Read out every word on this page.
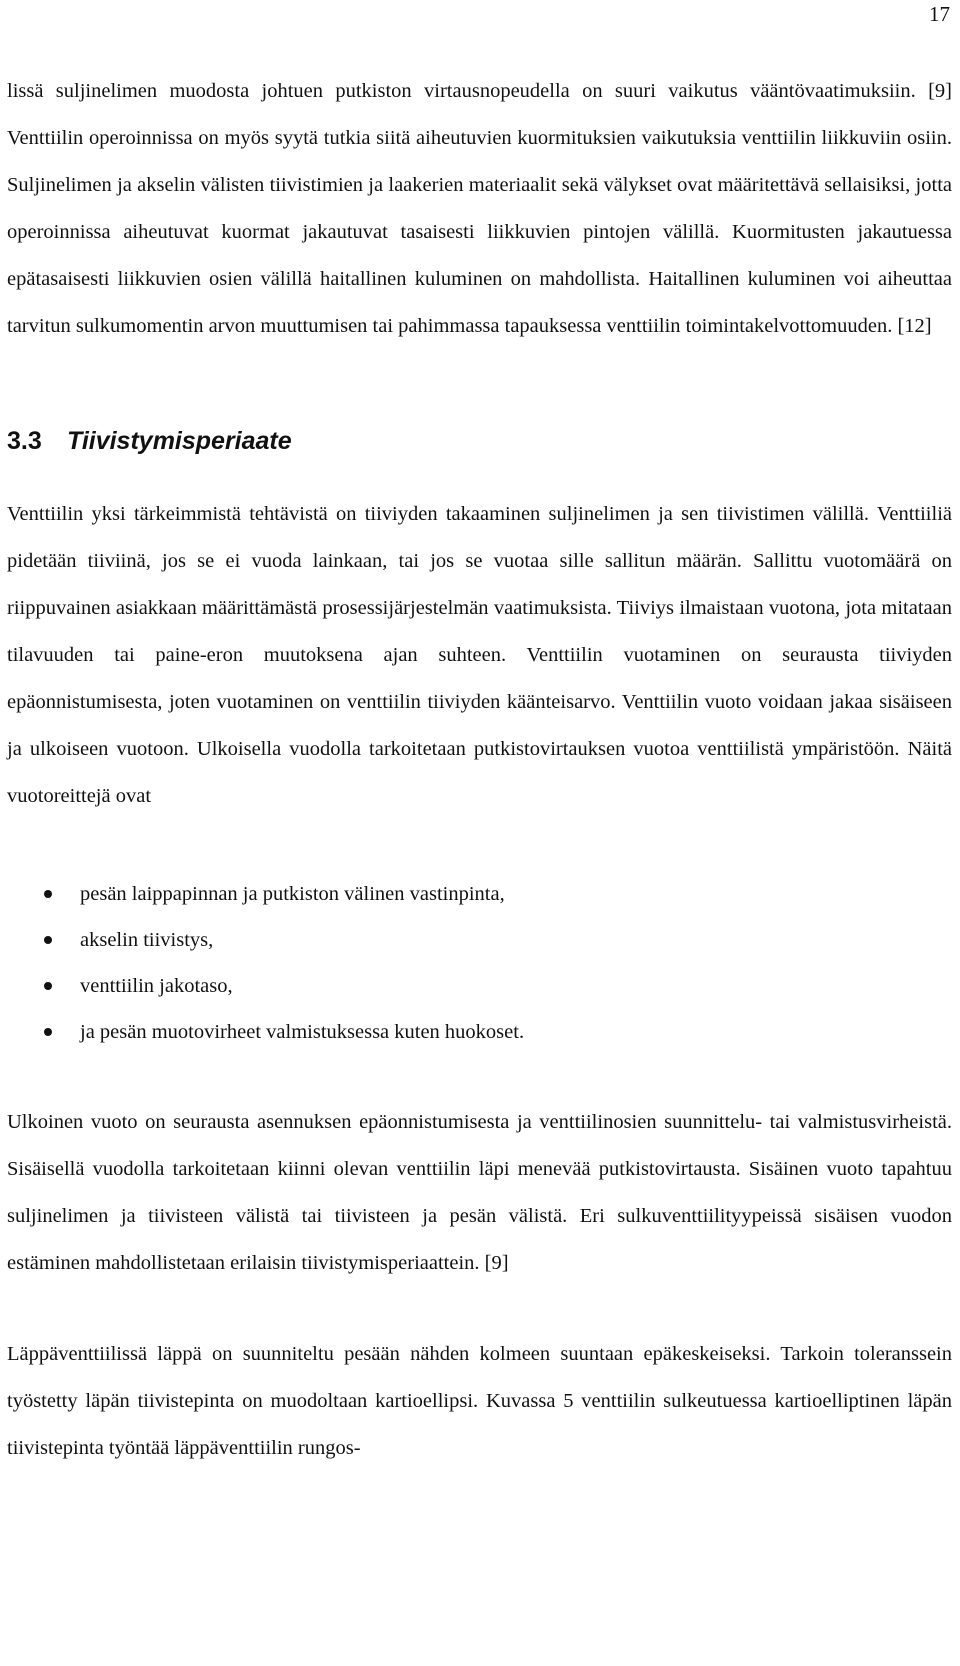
17

lissä suljinelimen muodosta johtuen putkiston virtausnopeudella on suuri vaikutus vääntövaatimuksiin. [9] Venttiilin operoinnissa on myös syytä tutkia siitä aiheutuvien kuormituksien vaikutuksia venttiilin liikkuviin osiin. Suljinelimen ja akselin välisten tiivistimien ja laakerien materiaalit sekä välykset ovat määritettävä sellaisiksi, jotta operoinnissa aiheutuvat kuormat jakautuvat tasaisesti liikkuvien pintojen välillä. Kuormitusten jakautuessa epätasaisesti liikkuvien osien välillä haitallinen kuluminen on mahdollista. Haitallinen kuluminen voi aiheuttaa tarvitun sulkumomentin arvon muuttumisen tai pahimmassa tapauksessa venttiilin toimintakelvottomuuden. [12]

3.3 Tiivistymisperiaate

Venttiilin yksi tärkeimmistä tehtävistä on tiiviyden takaaminen suljinelimen ja sen tiivistimen välillä. Venttiiliä pidetään tiiviinä, jos se ei vuoda lainkaan, tai jos se vuotaa sille sallitun määrän. Sallittu vuotomäärä on riippuvainen asiakkaan määrittämästä prosessijärjestelmän vaatimuksista. Tiiviys ilmaistaan vuotona, jota mitataan tilavuuden tai paine-eron muutoksena ajan suhteen. Venttiilin vuotaminen on seurausta tiiviyden epäonnistumisesta, joten vuotaminen on venttiilin tiiviyden käänteisarvo. Venttiilin vuoto voidaan jakaa sisäiseen ja ulkoiseen vuotoon. Ulkoisella vuodolla tarkoitetaan putkistovirtauksen vuotoa venttiilistä ympäristöön. Näitä vuotoreittejä ovat

pesän laippapinnan ja putkiston välinen vastinpinta,
akselin tiivistys,
venttiilin jakotaso,
ja pesän muotovirheet valmistuksessa kuten huokoset.

Ulkoinen vuoto on seurausta asennuksen epäonnistumisesta ja venttiilinosien suunnittelu- tai valmistusvirheistä. Sisäisellä vuodolla tarkoitetaan kiinni olevan venttiilin läpi menevää putkistovirtausta. Sisäinen vuoto tapahtuu suljinelimen ja tiivisteen välistä tai tiivisteen ja pesän välistä. Eri sulkuventtiilityypeissä sisäisen vuodon estäminen mahdollistetaan erilaisin tiivistymisperiaattein. [9]

Läppäventtiilissä läppä on suunniteltu pesään nähden kolmeen suuntaan epäkeskeiseksi. Tarkoin toleranssein työstetty läpän tiivistepinta on muodoltaan kartioellipsi. Kuvassa 5 venttiilin sulkeutuessa kartioelliptinen läpän tiivistepinta työntää läppäventtiilin rungos-
